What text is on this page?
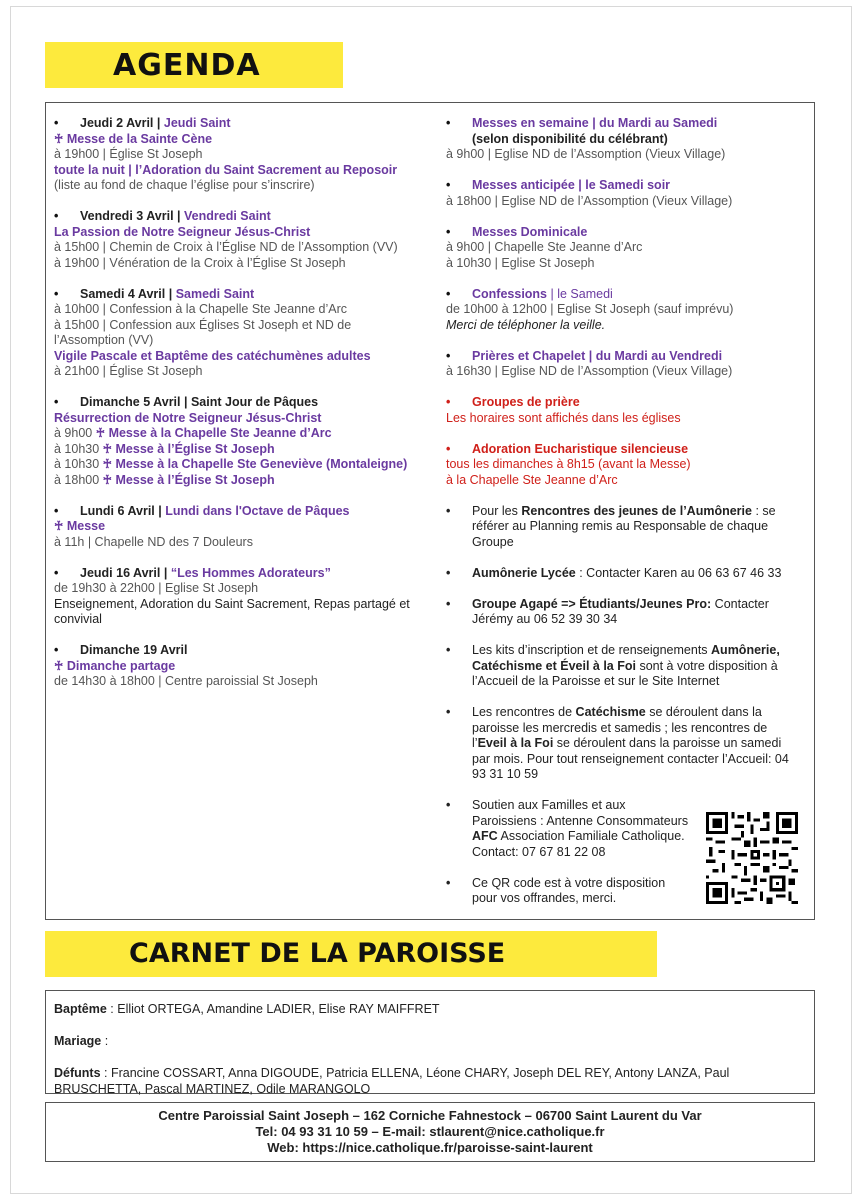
AGENDA

• Jeudi 2 Avril | Jeudi Saint

♰ Messe de la Sainte Cène

à 19h00 | Église St Joseph

toute la nuit | l’Adoration du Saint Sacrement au Reposoir

(liste au fond de chaque l’église pour s’inscrire)

• Vendredi 3 Avril | Vendredi Saint

La Passion de Notre Seigneur Jésus-Christ

à 15h00 | Chemin de Croix à l’Église ND de l’Assomption (VV)

à 19h00 | Vénération de la Croix à l’Église St Joseph

• Samedi 4 Avril | Samedi Saint

à 10h00 | Confession à la Chapelle Ste Jeanne d’Arc

à 15h00 | Confession aux Églises St Joseph et ND de l’Assomption (VV)

Vigile Pascale et Baptême des catéchumènes adultes

à 21h00 | Église St Joseph

• Dimanche 5 Avril | Saint Jour de Pâques

Résurrection de Notre Seigneur Jésus-Christ

à 9h00 ♰ Messe à la Chapelle Ste Jeanne d’Arc

à 10h30 ♰ Messe à l’Église St Joseph

à 10h30 ♰ Messe à la Chapelle Ste Geneviève (Montaleigne)

à 18h00 ♰ Messe à l’Église St Joseph

• Lundi 6 Avril | Lundi dans l'Octave de Pâques

♰ Messe

à 11h | Chapelle ND des 7 Douleurs

• Jeudi 16 Avril | “Les Hommes Adorateurs”

de 19h30 à 22h00 | Eglise St Joseph

Enseignement, Adoration du Saint Sacrement, Repas partagé et convivial

• Dimanche 19 Avril

♰ Dimanche partage

de 14h30 à 18h00 | Centre paroissial St Joseph

• Messes en semaine | du Mardi au Samedi

(selon disponibilité du célébrant)

à 9h00 | Eglise ND de l’Assomption (Vieux Village)

• Messes anticipée | le Samedi soir

à 18h00 | Eglise ND de l’Assomption (Vieux Village)

• Messes Dominicale

à 9h00 | Chapelle Ste Jeanne d’Arc

à 10h30 | Eglise St Joseph

• Confessions | le Samedi

de 10h00 à 12h00 | Eglise St Joseph (sauf imprévu)

Merci de téléphoner la veille.

• Prières et Chapelet | du Mardi au Vendredi

à 16h30 | Eglise ND de l’Assomption (Vieux Village)

• Groupes de prière

Les horaires sont affichés dans les églises

• Adoration Eucharistique silencieuse

tous les dimanches à 8h15 (avant la Messe)

à la Chapelle Ste Jeanne d’Arc

•	Pour les Rencontres des jeunes de l’Aumônerie : se référer au Planning remis au Responsable de chaque Groupe
•	Aumônerie Lycée : Contacter Karen au 06 63 67 46 33
•	Groupe Agapé => Étudiants/Jeunes Pro: Contacter Jérémy au 06 52 39 30 34
•	Les kits d’inscription et de renseignements Aumônerie, Catéchisme et Éveil à la Foi sont à votre disposition à l’Accueil de la Paroisse et sur le Site Internet
•	Les rencontres de Catéchisme se déroulent dans la paroisse les mercredis et samedis ; les rencontres de l’Eveil à la Foi se déroulent dans la paroisse un samedi par mois. Pour tout renseignement contacter l’Accueil: 04 93 31 10 59
•	Soutien aux Familles et aux
Paroissiens : Antenne Consommateurs
AFC Association Familiale Catholique.
Contact: 07 67 81 22 08
•	Ce QR code est à votre disposition
pour vos offrandes, merci.
CARNET DE LA PAROISSE

Baptême : Elliot ORTEGA, Amandine LADIER, Elise RAY MAIFFRET

Mariage :

Défunts : Francine COSSART, Anna DIGOUDE, Patricia ELLENA, Léone CHARY, Joseph DEL REY, Antony LANZA, Paul BRUSCHETTA, Pascal MARTINEZ, Odile MARANGOLO

Centre Paroissial Saint Joseph – 162 Corniche Fahnestock – 06700 Saint Laurent du Var

Tel: 04 93 31 10 59 – E-mail: stlaurent@nice.catholique.fr

Web: https://nice.catholique.fr/paroisse-saint-laurent
